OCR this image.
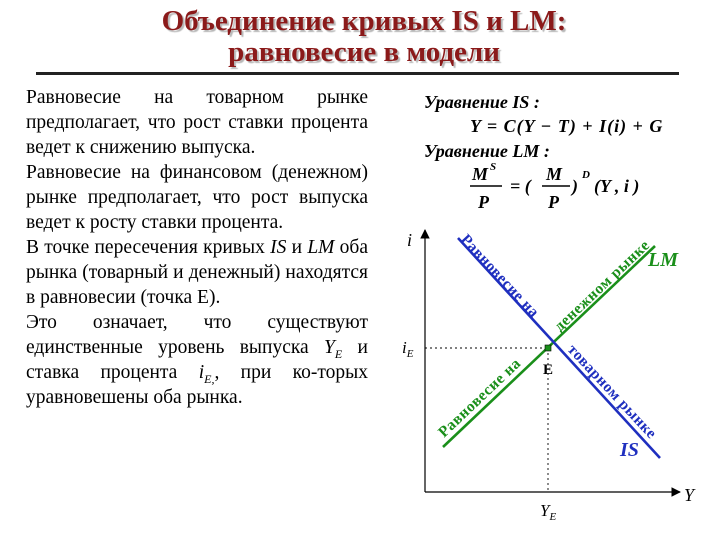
Объединение кривых IS и LM:
равновесие в модели

Равновесие на товарном рынке предполагает, что рост ставки процента ведет к снижению выпуска.

Равновесие на финансовом (денежном) рынке предполагает, что рост выпуска ведет к росту ставки процента.

В точке пересечения кривых IS и LM оба рынка (товарный и денежный) находятся в равновесии (точка Е).

Это означает, что существуют единственные уровень выпуска $Y_E$ и ставка процента $i_{E,}$, при ко-торых уравновешены оба рынка.

Уравнение IS :
Y = C(Y − T) + I(i) + G
Уравнение LM :
M S
P
= (
M
P
)
D
(Y , i )
i
Y
$i_E$
$Y_E$
E
LM
IS
Равновесие на
товарном рынке
Равновесие на
денежном рынке
